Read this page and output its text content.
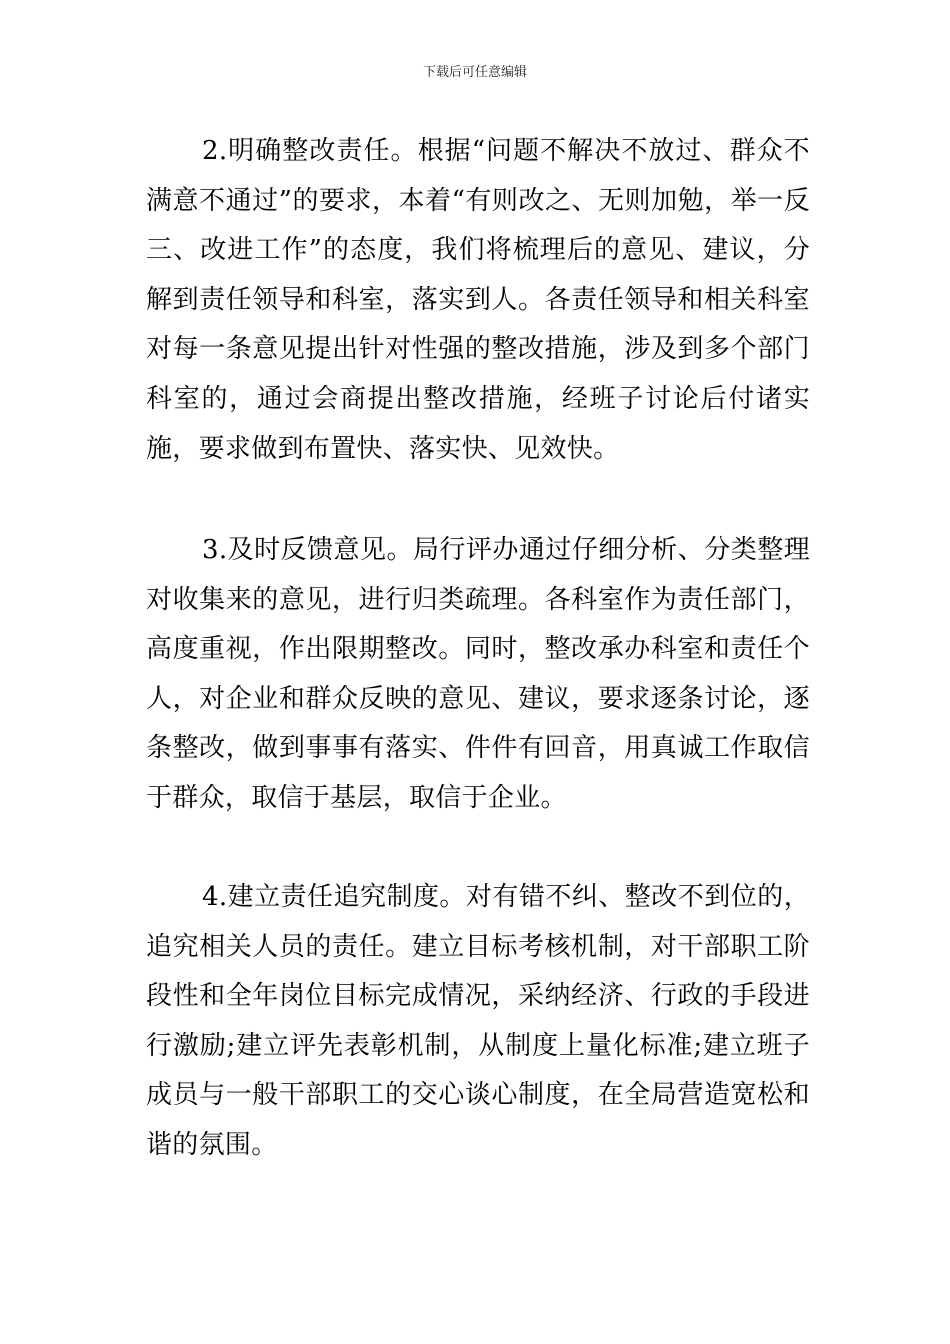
下载后可任意编辑

2.明确整改责任。根据“问题不解决不放过、群众不满意不通过”的要求，本着“有则改之、无则加勉，举一反三、改进工作”的态度，我们将梳理后的意见、建议，分解到责任领导和科室，落实到人。各责任领导和相关科室对每一条意见提出针对性强的整改措施，涉及到多个部门科室的，通过会商提出整改措施，经班子讨论后付诸实施，要求做到布置快、落实快、见效快。

3.及时反馈意见。局行评办通过仔细分析、分类整理对收集来的意见，进行归类疏理。各科室作为责任部门，高度重视，作出限期整改。同时，整改承办科室和责任个人，对企业和群众反映的意见、建议，要求逐条讨论，逐条整改，做到事事有落实、件件有回音，用真诚工作取信于群众，取信于基层，取信于企业。

4.建立责任追究制度。对有错不纠、整改不到位的，追究相关人员的责任。建立目标考核机制，对干部职工阶段性和全年岗位目标完成情况，采纳经济、行政的手段进行激励;建立评先表彰机制，从制度上量化标准;建立班子成员与一般干部职工的交心谈心制度，在全局营造宽松和谐的氛围。
